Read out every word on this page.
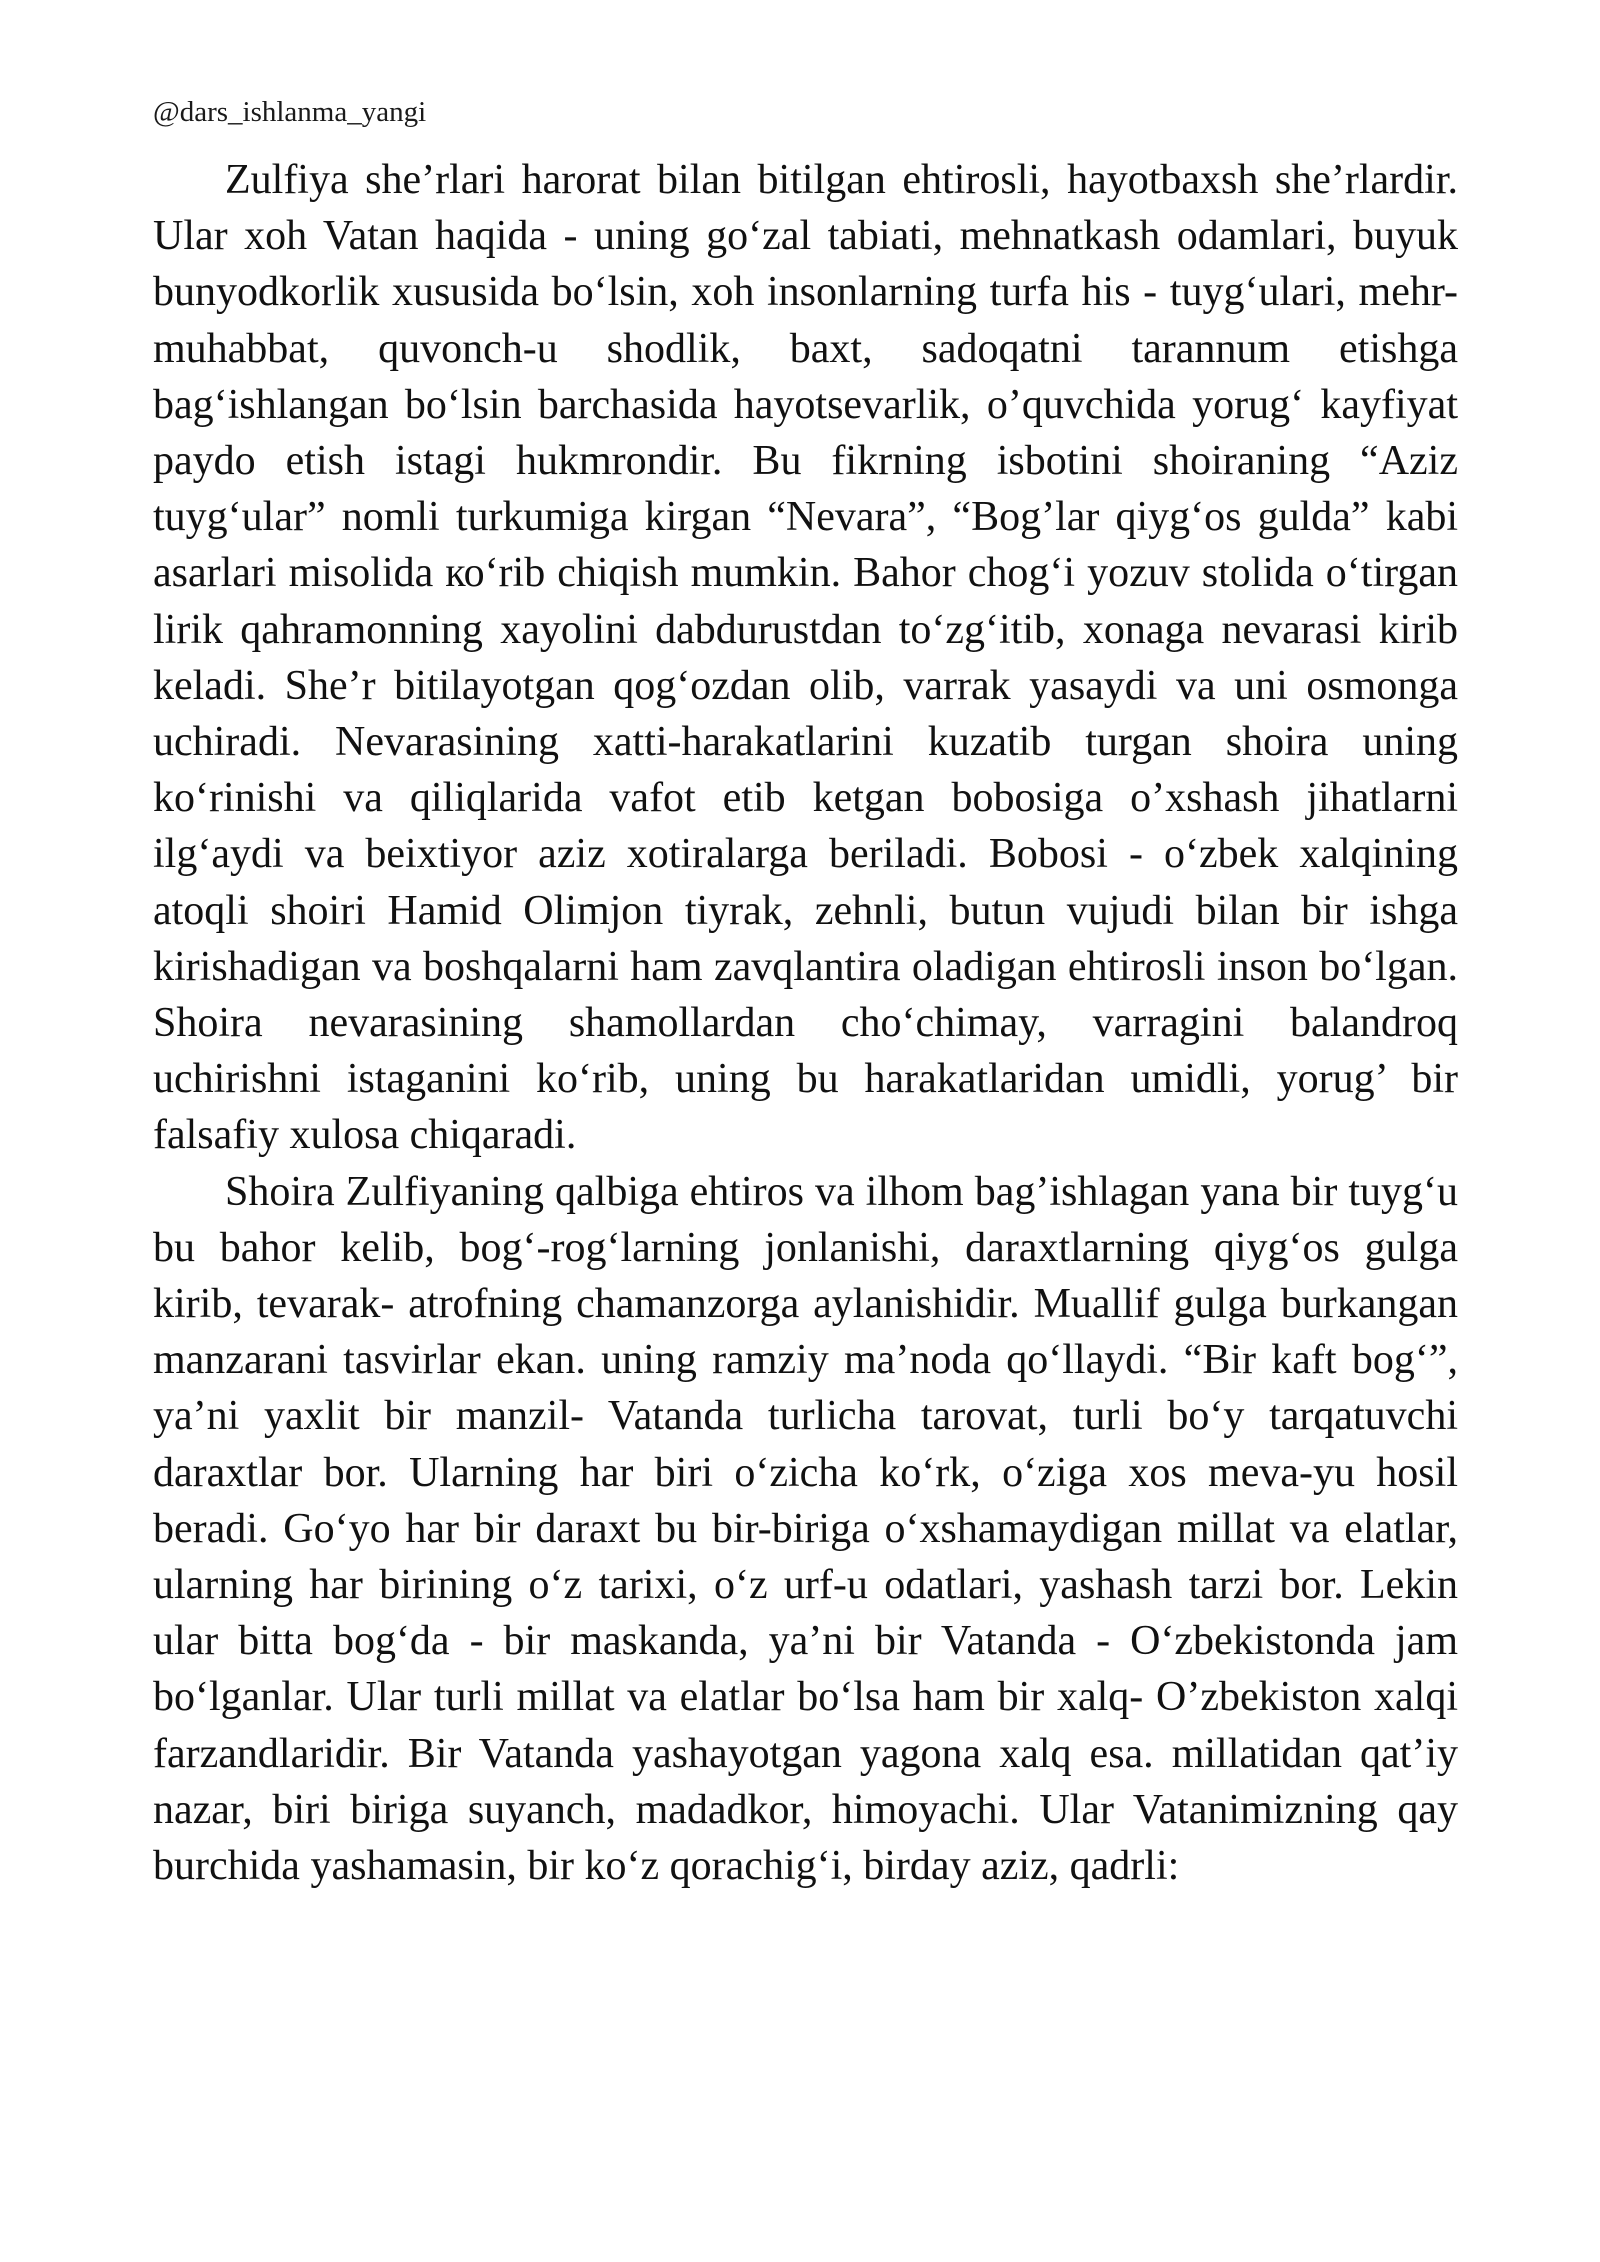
@dars_ishlanma_yangi

Zulfiya she’rlari harorat bilan bitilgan ehtirosli, hayotbaxsh she’rlardir. Ular xoh Vatan haqida - uning go‘zal tabiati, mehnatkash odamlari, buyuk bunyodkorlik xususida bo‘lsin, xoh insonlarning turfa his - tuyg‘ulari, mehr-muhabbat, quvonch-u shodlik, baxt, sadoqatni tarannum etishga bag‘ishlangan bo‘lsin barchasida hayotsevarlik, o’quvchida yorug‘ kayfiyat paydo etish istagi hukmrondir. Bu fikrning isbotini shoiraning “Aziz tuyg‘ular” nomli turkumiga kirgan “Nevara”, “Bog’lar qiyg‘os gulda” kabi asarlari misolida ко‘rib chiqish mumkin. Bahor chog‘i yozuv stolida o‘tirgan lirik qahramonning xayolini dabdurustdan to‘zg‘itib, xonaga nevarasi kirib keladi. She’r bitilayotgan qog‘ozdan olib, varrak yasaydi va uni osmonga uchiradi. Nevarasining xatti-harakatlarini kuzatib turgan shoira uning ko‘rinishi va qiliqlarida vafot etib ketgan bobosiga o’xshash jihatlarni ilg‘aydi va beixtiyor aziz xotiralarga beriladi. Bobosi - o‘zbek xalqining atoqli shoiri Hamid Olimjon tiyrak, zehnli, butun vujudi bilan bir ishga kirishadigan va boshqalarni ham zavqlantira oladigan ehtirosli inson bo‘lgan. Shoira nevarasining shamollardan cho‘chimay, varragini balandroq uchirishni istaganini ko‘rib, uning bu harakatlaridan umidli, yorug’ bir falsafiy xulosa chiqaradi.

Shoira Zulfiyaning qalbiga ehtiros va ilhom bag’ishlagan yana bir tuyg‘u bu bahor kelib, bog‘-rog‘larning jonlanishi, daraxtlarning qiyg‘os gulga kirib, tevarak- atrofning chamanzorga aylanishidir. Muallif gulga burkangan manzarani tasvirlar ekan. uning ramziy ma’noda qo‘llaydi. “Bir kaft bog‘”, ya’ni yaxlit bir manzil- Vatanda turlicha tarovat, turli bo‘y tarqatuvchi daraxtlar bor. Ularning har biri o‘zicha ko‘rk, o‘ziga xos meva-yu hosil beradi. Go‘yo har bir daraxt bu bir-biriga o‘xshamaydigan millat va elatlar, ularning har birining o‘z tarixi, o‘z urf-u odatlari, yashash tarzi bor. Lekin ular bitta bog‘da - bir maskanda, ya’ni bir Vatanda - O‘zbekistonda jam bo‘lganlar. Ular turli millat va elatlar bo‘lsa ham bir xalq- O’zbekiston xalqi farzandlaridir. Bir Vatanda yashayotgan yagona xalq esa. millatidan qat’iy nazar, biri biriga suyanch, madadkor, himoyachi. Ular Vatanimizning qay burchida yashamasin, bir ko‘z qorachig‘i, birday aziz, qadrli:
